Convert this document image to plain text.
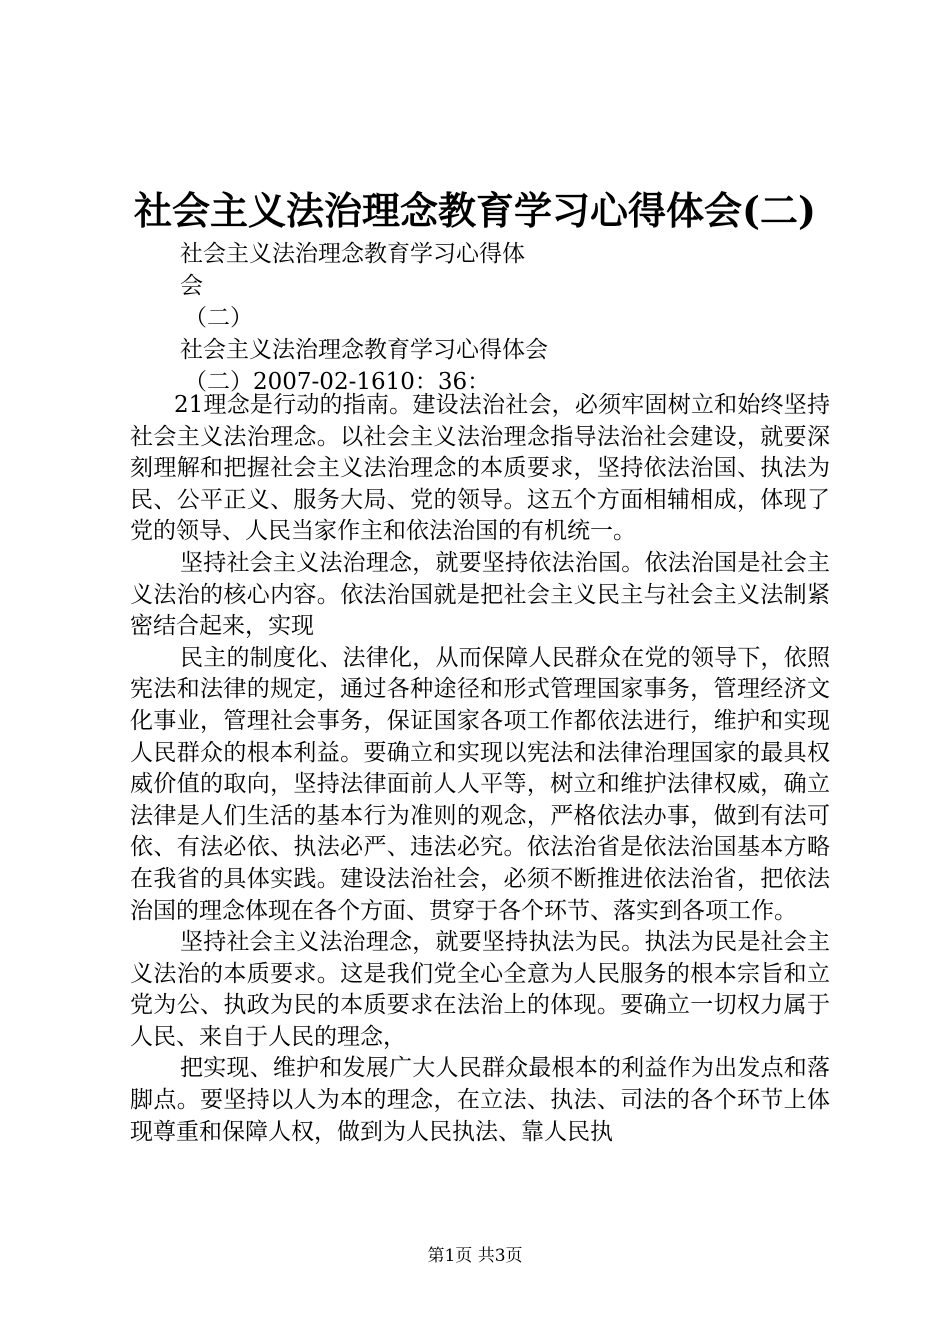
社会主义法治理念教育学习心得体会(二)
社会主义法治理念教育学习心得体
会
（二）
社会主义法治理念教育学习心得体会
（二）2007-02-1610：36：

21理念是行动的指南。建设法治社会，必须牢固树立和始终坚持社会主义法治理念。以社会主义法治理念指导法治社会建设，就要深刻理解和把握社会主义法治理念的本质要求，坚持依法治国、执法为民、公平正义、服务大局、党的领导。这五个方面相辅相成，体现了党的领导、人民当家作主和依法治国的有机统一。

坚持社会主义法治理念，就要坚持依法治国。依法治国是社会主义法治的核心内容。依法治国就是把社会主义民主与社会主义法制紧密结合起来，实现

民主的制度化、法律化，从而保障人民群众在党的领导下，依照宪法和法律的规定，通过各种途径和形式管理国家事务，管理经济文化事业，管理社会事务，保证国家各项工作都依法进行，维护和实现人民群众的根本利益。要确立和实现以宪法和法律治理国家的最具权威价值的取向，坚持法律面前人人平等，树立和维护法律权威，确立法律是人们生活的基本行为准则的观念，严格依法办事，做到有法可依、有法必依、执法必严、违法必究。依法治省是依法治国基本方略在我省的具体实践。建设法治社会，必须不断推进依法治省，把依法治国的理念体现在各个方面、贯穿于各个环节、落实到各项工作。

坚持社会主义法治理念，就要坚持执法为民。执法为民是社会主义法治的本质要求。这是我们党全心全意为人民服务的根本宗旨和立党为公、执政为民的本质要求在法治上的体现。要确立一切权力属于人民、来自于人民的理念，

把实现、维护和发展广大人民群众最根本的利益作为出发点和落脚点。要坚持以人为本的理念，在立法、执法、司法的各个环节上体现尊重和保障人权，做到为人民执法、靠人民执

第1页 共3页
